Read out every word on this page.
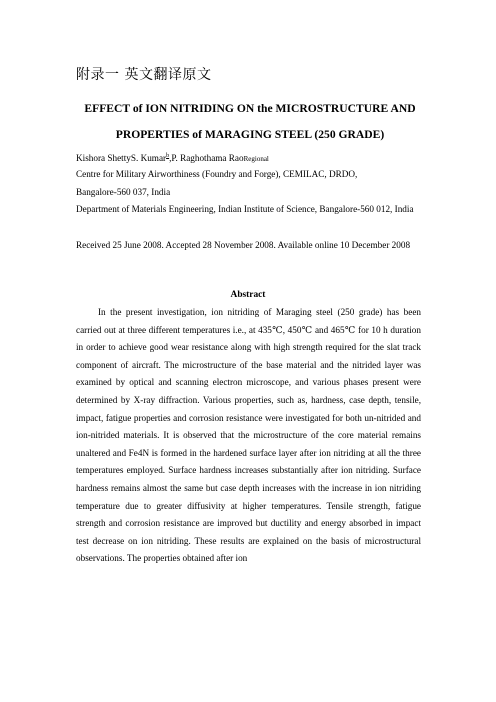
附录一 英文翻译原文
EFFECT of ION NITRIDING ON the MICROSTRUCTURE AND
PROPERTIES of MARAGING STEEL (250 GRADE)
Kishora ShettyS. Kumar$^b$,P. Raghothama RaoRegional
Centre for Military Airworthiness (Foundry and Forge), CEMILAC, DRDO,
Bangalore-560 037, India
Department of Materials Engineering, Indian Institute of Science, Bangalore-560 012, India
Received 25 June 2008. Accepted 28 November 2008. Available online 10 December 2008
Abstract
In the present investigation, ion nitriding of Maraging steel (250 grade) has been carried out at three different temperatures i.e., at 435℃, 450℃ and 465℃ for 10 h duration in order to achieve good wear resistance along with high strength required for the slat track component of aircraft. The microstructure of the base material and the nitrided layer was examined by optical and scanning electron microscope, and various phases present were determined by X-ray diffraction. Various properties, such as, hardness, case depth, tensile, impact, fatigue properties and corrosion resistance were investigated for both un-nitrided and ion-nitrided materials. It is observed that the microstructure of the core material remains unaltered and Fe4N is formed in the hardened surface layer after ion nitriding at all the three temperatures employed. Surface hardness increases substantially after ion nitriding. Surface hardness remains almost the same but case depth increases with the increase in ion nitriding temperature due to greater diffusivity at higher temperatures. Tensile strength, fatigue strength and corrosion resistance are improved but ductility and energy absorbed in impact test decrease on ion nitriding. These results are explained on the basis of microstructural observations. The properties obtained after ion
